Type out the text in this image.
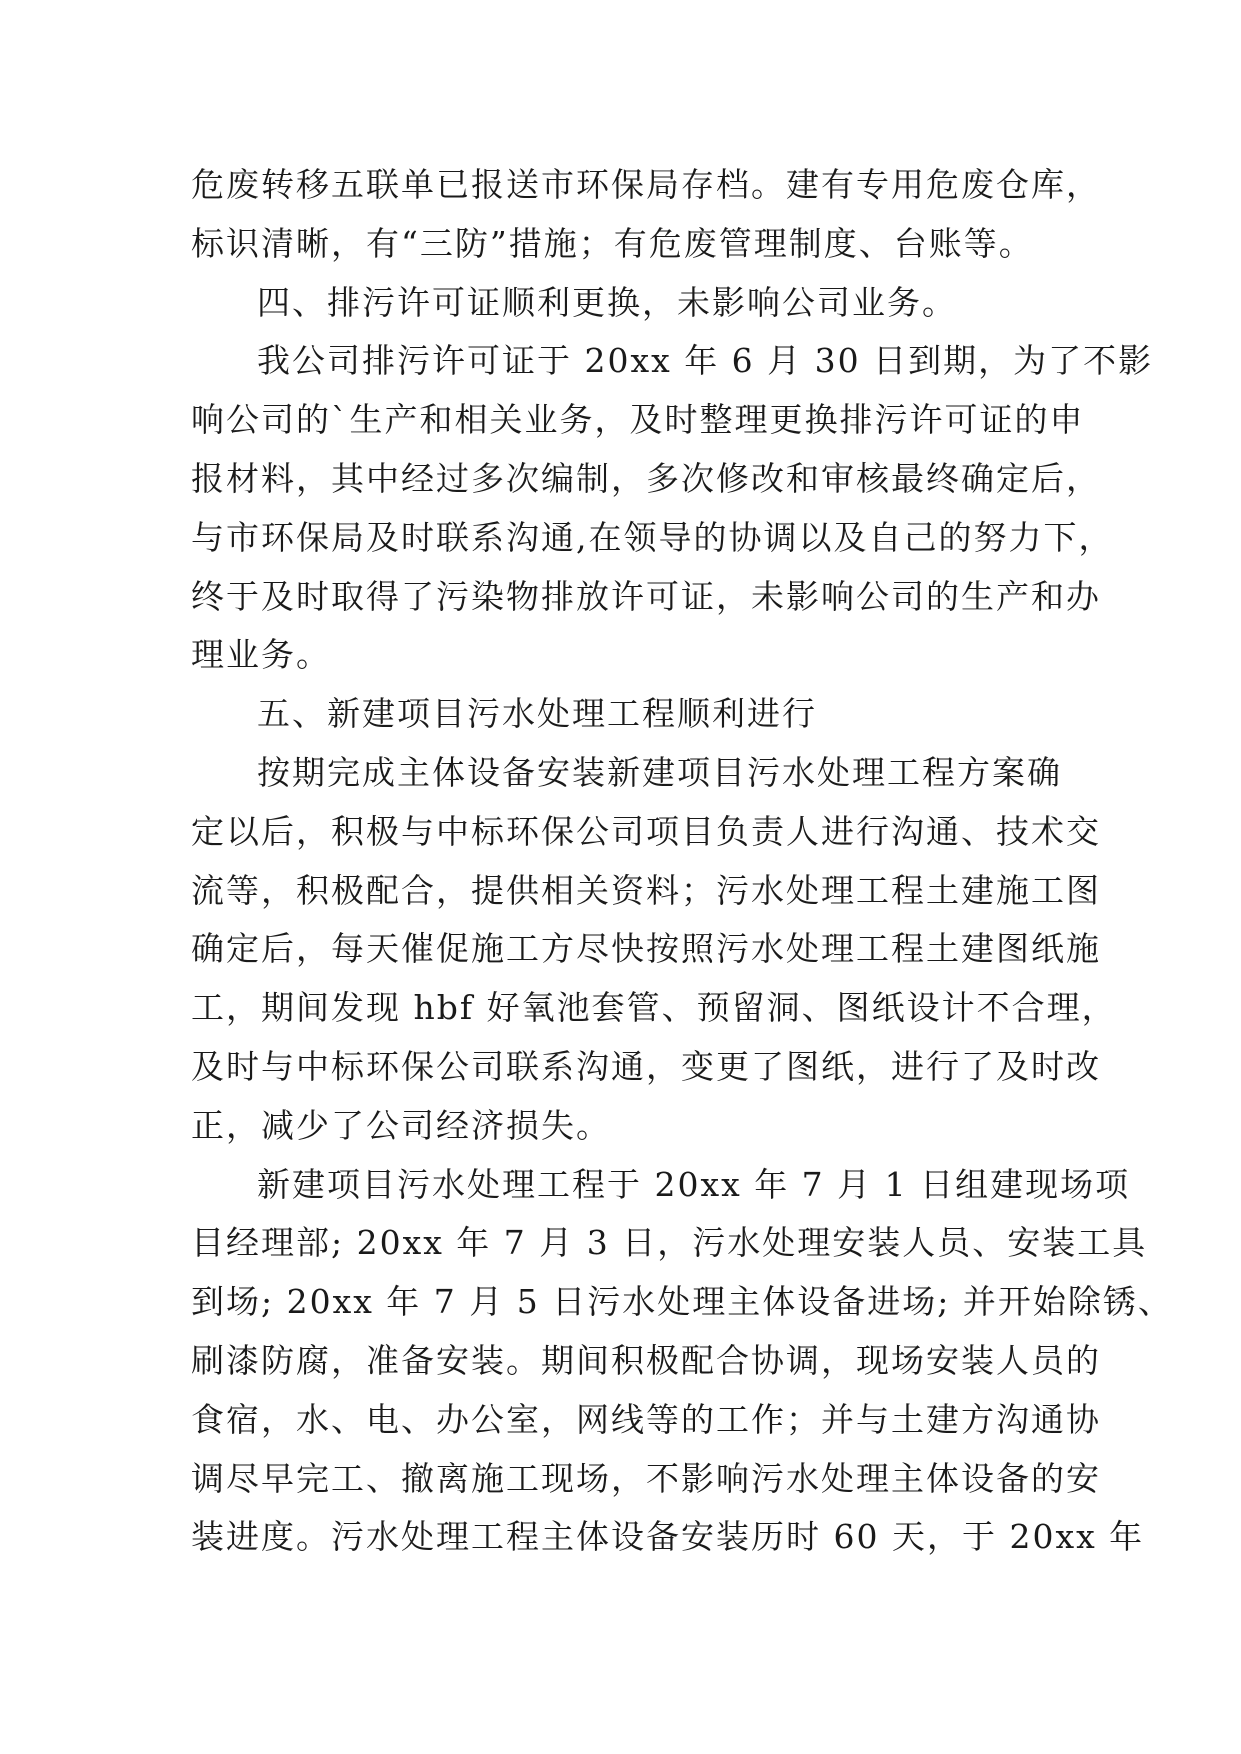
危废转移五联单已报送市环保局存档。建有专用危废仓库，
标识清晰，有“三防”措施；有危废管理制度、台账等。
四、排污许可证顺利更换，未影响公司业务。
我公司排污许可证于 20xx 年 6 月 30 日到期，为了不影
响公司的`生产和相关业务，及时整理更换排污许可证的申
报材料，其中经过多次编制，多次修改和审核最终确定后，
与市环保局及时联系沟通,在领导的协调以及自己的努力下，
终于及时取得了污染物排放许可证，未影响公司的生产和办
理业务。
五、新建项目污水处理工程顺利进行
按期完成主体设备安装新建项目污水处理工程方案确
定以后，积极与中标环保公司项目负责人进行沟通、技术交
流等，积极配合，提供相关资料；污水处理工程土建施工图
确定后，每天催促施工方尽快按照污水处理工程土建图纸施
工，期间发现 hbf 好氧池套管、预留洞、图纸设计不合理，
及时与中标环保公司联系沟通，变更了图纸，进行了及时改
正，减少了公司经济损失。
新建项目污水处理工程于 20xx 年 7 月 1 日组建现场项
目经理部; 20xx 年 7 月 3 日，污水处理安装人员、安装工具
到场; 20xx 年 7 月 5 日污水处理主体设备进场; 并开始除锈、
刷漆防腐，准备安装。期间积极配合协调，现场安装人员的
食宿，水、电、办公室，网线等的工作；并与土建方沟通协
调尽早完工、撤离施工现场，不影响污水处理主体设备的安
装进度。污水处理工程主体设备安装历时 60 天，于 20xx 年
